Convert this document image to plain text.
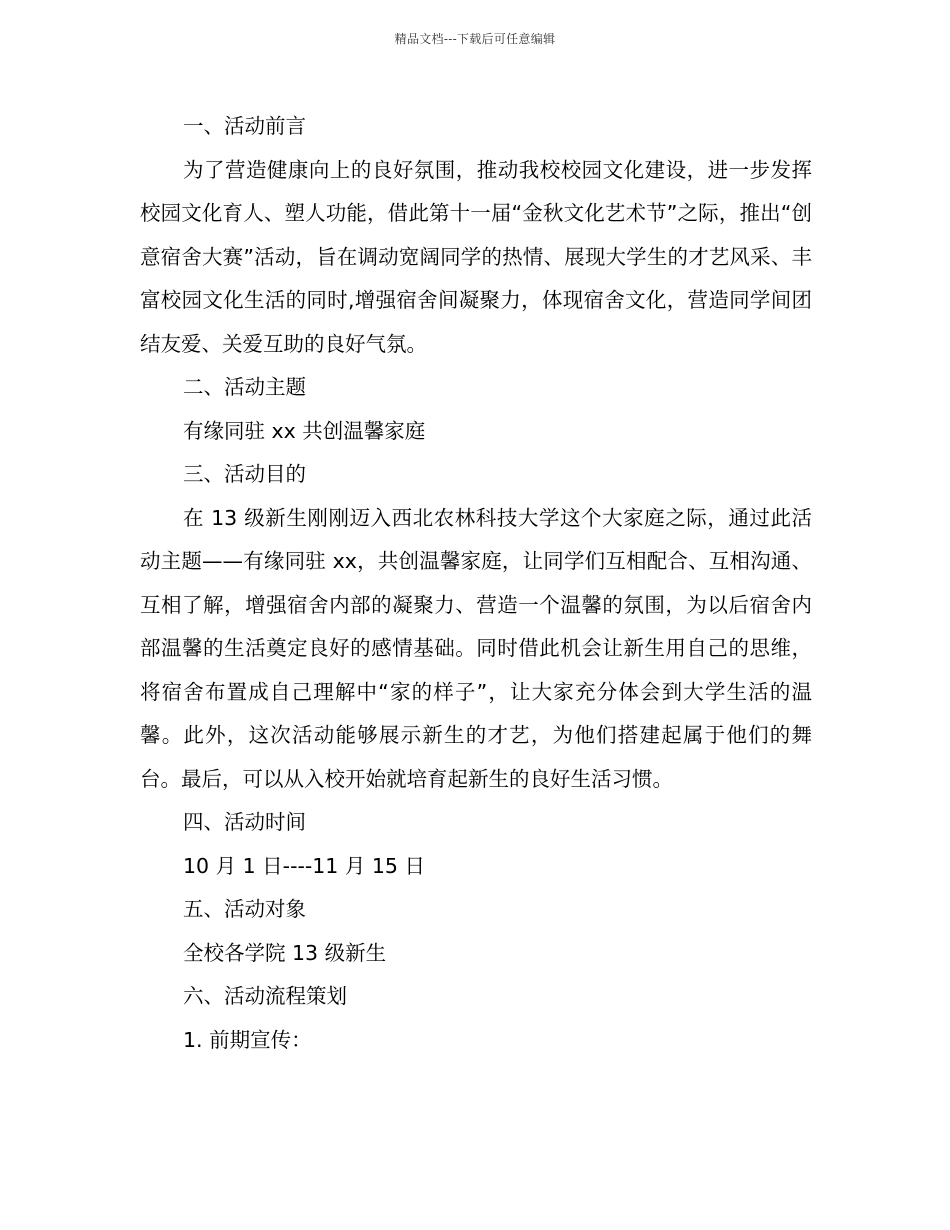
精品文档---下载后可任意编辑

一、活动前言

为了营造健康向上的良好氛围，推动我校校园文化建设，进一步发挥校园文化育人、塑人功能，借此第十一届“金秋文化艺术节”之际，推出“创意宿舍大赛”活动，旨在调动宽阔同学的热情、展现大学生的才艺风采、丰富校园文化生活的同时,增强宿舍间凝聚力，体现宿舍文化，营造同学间团结友爱、关爱互助的良好气氛。

二、活动主题

有缘同驻 xx 共创温馨家庭

三、活动目的

在 13 级新生刚刚迈入西北农林科技大学这个大家庭之际，通过此活动主题——有缘同驻 xx，共创温馨家庭，让同学们互相配合、互相沟通、互相了解，增强宿舍内部的凝聚力、营造一个温馨的氛围，为以后宿舍内部温馨的生活奠定良好的感情基础。同时借此机会让新生用自己的思维，将宿舍布置成自己理解中“家的样子”，让大家充分体会到大学生活的温馨。此外，这次活动能够展示新生的才艺，为他们搭建起属于他们的舞台。最后，可以从入校开始就培育起新生的良好生活习惯。

四、活动时间

10 月 1 日----11 月 15 日

五、活动对象

全校各学院 13 级新生

六、活动流程策划

1. 前期宣传：
